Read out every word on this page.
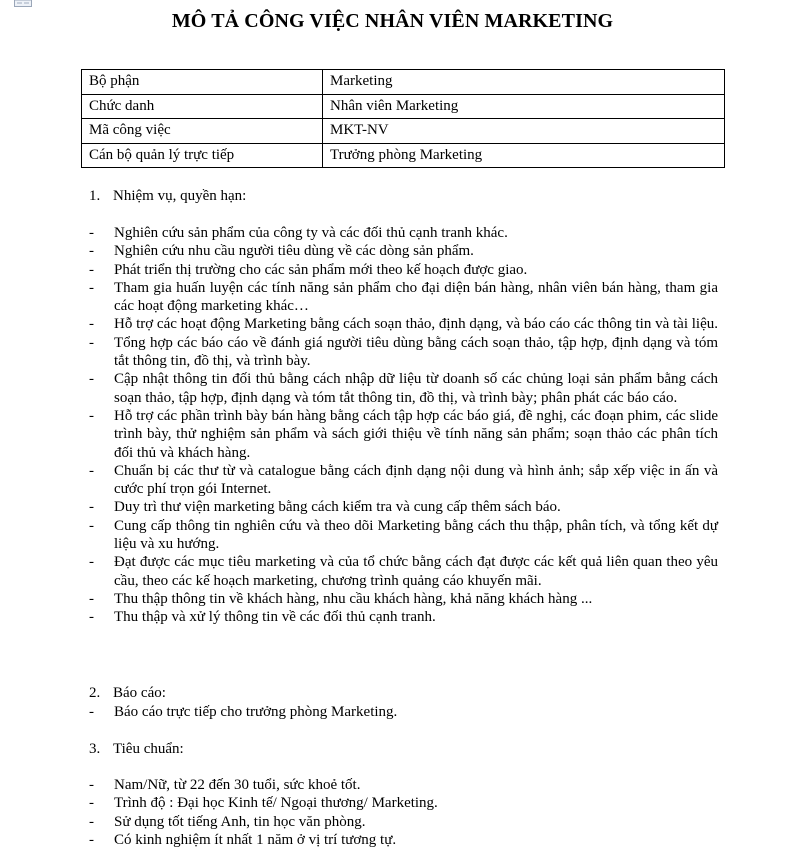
MÔ TẢ CÔNG VIỆC NHÂN VIÊN MARKETING
Bộ phận	Marketing
Chức danh	Nhân viên Marketing
Mã công việc	MKT-NV
Cán bộ quản lý trực tiếp	Trưởng phòng Marketing
1. Nhiệm vụ, quyền hạn:
- Nghiên cứu sản phẩm của công ty và các đối thủ cạnh tranh khác.
- Nghiên cứu nhu cầu người tiêu dùng về các dòng sản phẩm.
- Phát triển thị trường cho các sản phẩm mới theo kế hoạch được giao.
- Tham gia huấn luyện các tính năng sản phẩm cho đại diện bán hàng, nhân viên bán hàng, tham gia các hoạt động marketing khác…
- Hỗ trợ các hoạt động Marketing bằng cách soạn thảo, định dạng, và báo cáo các thông tin và tài liệu.
- Tổng hợp các báo cáo về đánh giá người tiêu dùng bằng cách soạn thảo, tập hợp, định dạng và tóm tắt thông tin, đồ thị, và trình bày.
- Cập nhật thông tin đối thủ bằng cách nhập dữ liệu từ doanh số các chủng loại sản phẩm bằng cách soạn thảo, tập hợp, định dạng và tóm tắt thông tin, đồ thị, và trình bày; phân phát các báo cáo.
- Hỗ trợ các phần trình bày bán hàng bằng cách tập hợp các báo giá, đề nghị, các đoạn phim, các slide trình bày, thử nghiệm sản phẩm và sách giới thiệu về tính năng sản phẩm; soạn thảo các phân tích đối thủ và khách hàng.
- Chuẩn bị các thư từ và catalogue bằng cách định dạng nội dung và hình ảnh; sắp xếp việc in ấn và cước phí trọn gói Internet.
- Duy trì thư viện marketing bằng cách kiểm tra và cung cấp thêm sách báo.
- Cung cấp thông tin nghiên cứu và theo dõi Marketing bằng cách thu thập, phân tích, và tổng kết dự liệu và xu hướng.
- Đạt được các mục tiêu marketing và của tổ chức bằng cách đạt được các kết quả liên quan theo yêu cầu, theo các kế hoạch marketing, chương trình quảng cáo khuyến mãi.
- Thu thập thông tin về khách hàng, nhu cầu khách hàng, khả năng khách hàng ...
- Thu thập và xử lý thông tin về các đối thủ cạnh tranh.
2. Báo cáo:
- Báo cáo trực tiếp cho trưởng phòng Marketing.
3. Tiêu chuẩn:
- Nam/Nữ, từ 22 đến 30 tuổi, sức khoẻ tốt.
- Trình độ : Đại học Kinh tế/ Ngoại thương/ Marketing.
- Sử dụng tốt tiếng Anh, tin học văn phòng.
- Có kinh nghiệm ít nhất 1 năm ở vị trí tương tự.
